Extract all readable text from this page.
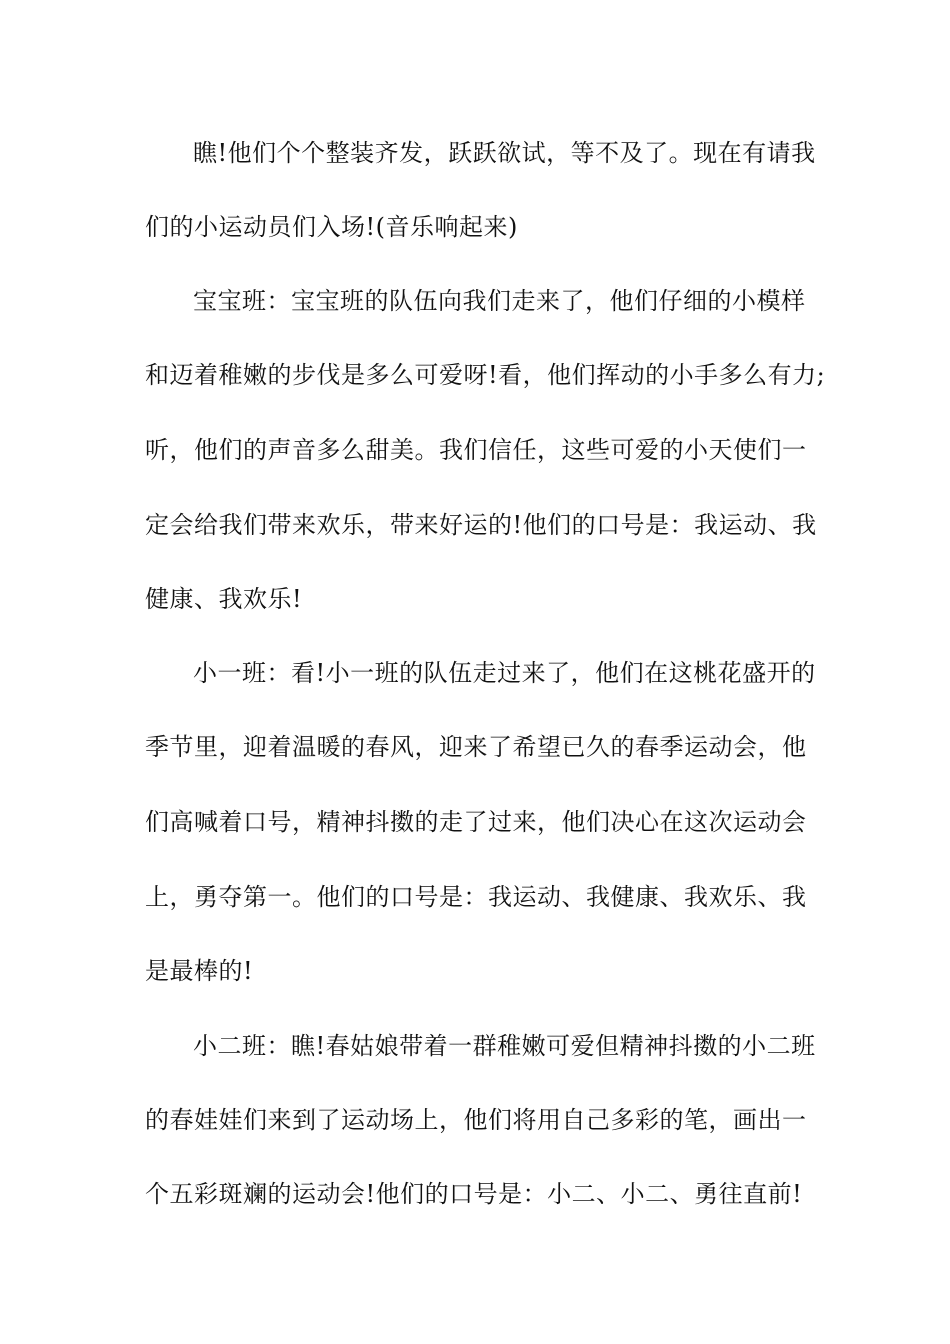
瞧!他们个个整装齐发，跃跃欲试，等不及了。现在有请我
们的小运动员们入场!(音乐响起来)
宝宝班：宝宝班的队伍向我们走来了，他们仔细的小模样
和迈着稚嫩的步伐是多么可爱呀!看，他们挥动的小手多么有力;
听，他们的声音多么甜美。我们信任，这些可爱的小天使们一
定会给我们带来欢乐，带来好运的!他们的口号是：我运动、我
健康、我欢乐!
小一班：看!小一班的队伍走过来了，他们在这桃花盛开的
季节里，迎着温暖的春风，迎来了希望已久的春季运动会，他
们高喊着口号，精神抖擞的走了过来，他们决心在这次运动会
上，勇夺第一。他们的口号是：我运动、我健康、我欢乐、我
是最棒的!
小二班：瞧!春姑娘带着一群稚嫩可爱但精神抖擞的小二班
的春娃娃们来到了运动场上，他们将用自己多彩的笔，画出一
个五彩斑斓的运动会!他们的口号是：小二、小二、勇往直前!
